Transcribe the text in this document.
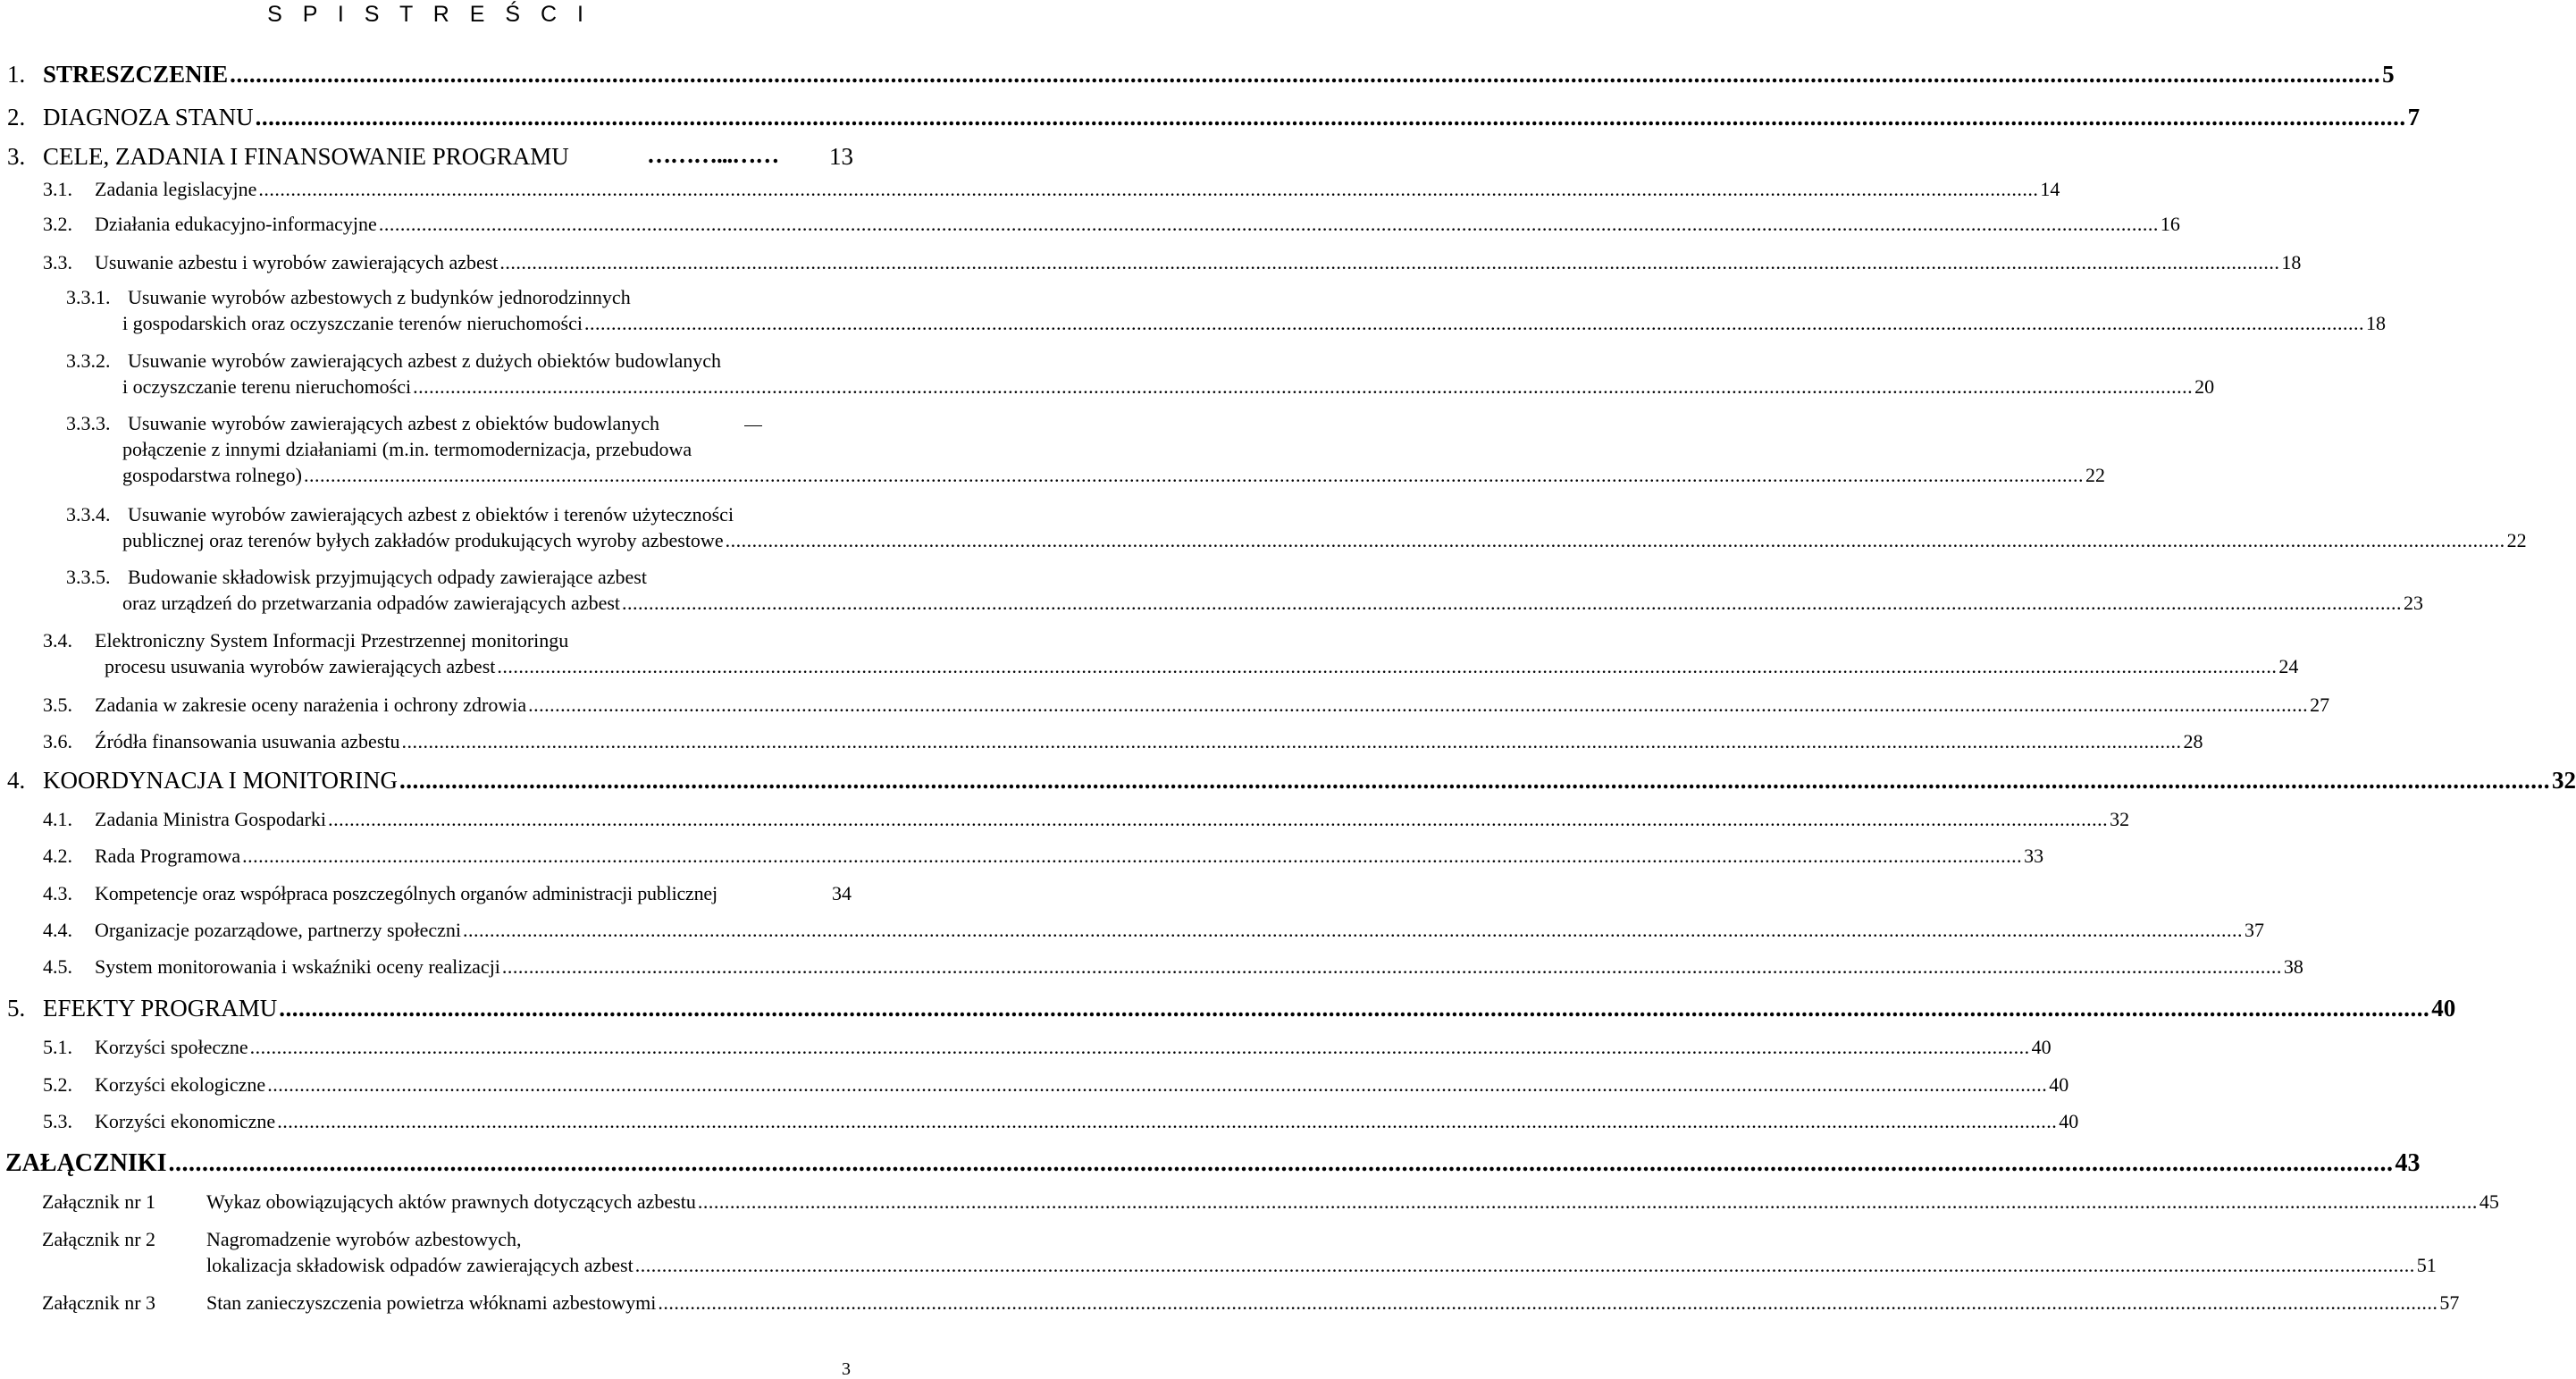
S P I S T R E Ś C I
1. STRESZCZENIE ............................................................................................................................................................................................................................................................................................................................................ 5
2. DIAGNOZA STANU ............................................................................................................................................................................................................................................................................................................................................ 7
3. CELE, ZADANIA I FINANSOWANIE PROGRAMU	………...…… 13
3.1. Zadania legislacyjne ............................................................................................................................................................................................................................................................................................................................................ 14
3.2. Działania edukacyjno-informacyjne ............................................................................................................................................................................................................................................................................................................................................ 16
3.3. Usuwanie azbestu i wyrobów zawierających azbest ............................................................................................................................................................................................................................................................................................................................................ 18
3.3.1. Usuwanie wyrobów azbestowych z budynków jednorodzinnych
i gospodarskich oraz oczyszczanie terenów nieruchomości ............................................................................................................................................................................................................................................................................................................................................ 18
3.3.2. Usuwanie wyrobów zawierających azbest z dużych obiektów budowlanych
i oczyszczanie terenu nieruchomości ............................................................................................................................................................................................................................................................................................................................................ 20
3.3.3. Usuwanie wyrobów zawierających azbest z obiektów budowlanych
połączenie z innymi działaniami (m.in. termomodernizacja, przebudowa
gospodarstwa rolnego) ............................................................................................................................................................................................................................................................................................................................................ 22
3.3.4. Usuwanie wyrobów zawierających azbest z obiektów i terenów użyteczności
publicznej oraz terenów byłych zakładów produkujących wyroby azbestowe ............................................................................................................................................................................................................................................................................................................................................ 22
3.3.5. Budowanie składowisk przyjmujących odpady zawierające azbest
oraz urządzeń do przetwarzania odpadów zawierających azbest ............................................................................................................................................................................................................................................................................................................................................ 23
3.4. Elektroniczny System Informacji Przestrzennej monitoringu
procesu usuwania wyrobów zawierających azbest ............................................................................................................................................................................................................................................................................................................................................ 24
3.5. Zadania w zakresie oceny narażenia i ochrony zdrowia ............................................................................................................................................................................................................................................................................................................................................ 27
3.6. Źródła finansowania usuwania azbestu ............................................................................................................................................................................................................................................................................................................................................ 28
4. KOORDYNACJA I MONITORING ............................................................................................................................................................................................................................................................................................................................................ 32
4.1. Zadania Ministra Gospodarki ............................................................................................................................................................................................................................................................................................................................................ 32
4.2. Rada Programowa ............................................................................................................................................................................................................................................................................................................................................ 33
4.3. Kompetencje oraz współpraca poszczególnych organów administracji publicznej	34
4.4. Organizacje pozarządowe, partnerzy społeczni ............................................................................................................................................................................................................................................................................................................................................ 37
4.5. System monitorowania i wskaźniki oceny realizacji ............................................................................................................................................................................................................................................................................................................................................ 38
5. EFEKTY PROGRAMU ............................................................................................................................................................................................................................................................................................................................................ 40
5.1. Korzyści społeczne ............................................................................................................................................................................................................................................................................................................................................ 40
5.2. Korzyści ekologiczne ............................................................................................................................................................................................................................................................................................................................................ 40
5.3. Korzyści ekonomiczne ............................................................................................................................................................................................................................................................................................................................................ 40
ZAŁĄCZNIKI ............................................................................................................................................................................................................................................................................................................................................ 43
Załącznik nr 1	Wykaz obowiązujących aktów prawnych dotyczących azbestu ............................................................................................................................................................................................................................................................................................................................................ 45
Załącznik nr 2	Nagromadzenie wyrobów azbestowych,
lokalizacja składowisk odpadów zawierających azbest ............................................................................................................................................................................................................................................................................................................................................ 51
Załącznik nr 3	Stan zanieczyszczenia powietrza włóknami azbestowymi ............................................................................................................................................................................................................................................................................................................................................ 57
3
